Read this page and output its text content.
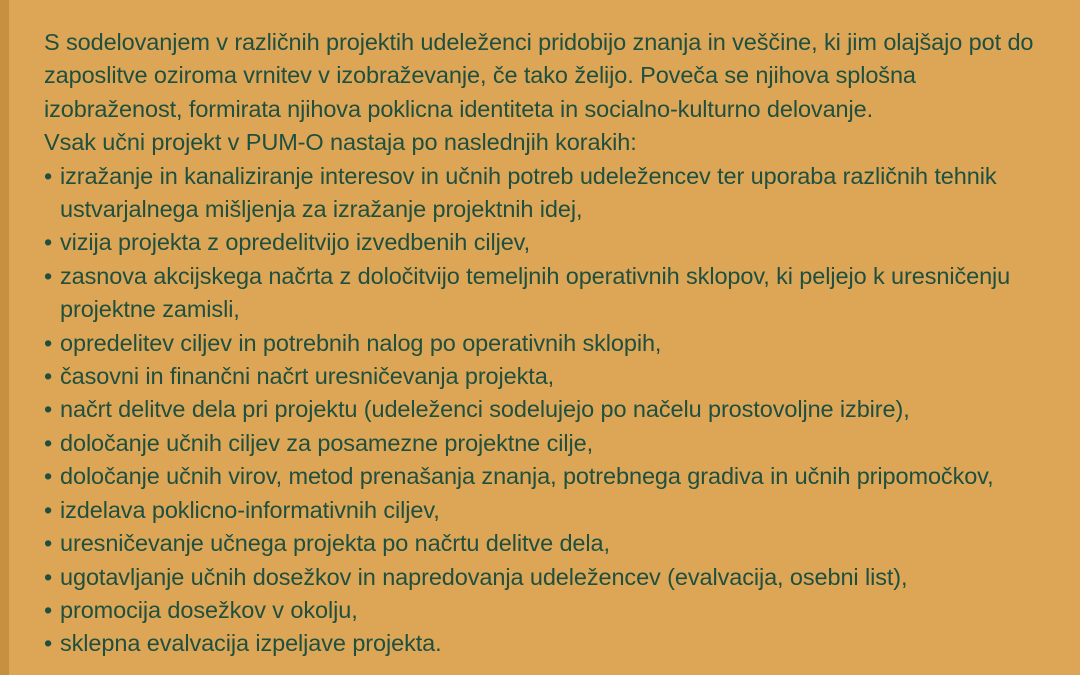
S sodelovanjem v različnih projektih udeleženci pridobijo znanja in veščine, ki jim olajšajo pot do zaposlitve oziroma vrnitev v izobraževanje, če tako želijo. Poveča se njihova splošna izobraženost, formirata njihova poklicna identiteta in socialno-kulturno delovanje.

Vsak učni projekt v PUM-O nastaja po naslednjih korakih:
• izražanje in kanaliziranje interesov in učnih potreb udeležencev ter uporaba različnih tehnik ustvarjalnega mišljenja za izražanje projektnih idej,
• vizija projekta z opredelitvijo izvedbenih ciljev,
• zasnova akcijskega načrta z določitvijo temeljnih operativnih sklopov, ki peljejo k uresničenju projektne zamisli,
• opredelitev ciljev in potrebnih nalog po operativnih sklopih,
• časovni in finančni načrt uresničevanja projekta,
• načrt delitve dela pri projektu (udeleženci sodelujejo po načelu prostovoljne izbire),
• določanje učnih ciljev za posamezne projektne cilje,
• določanje učnih virov, metod prenašanja znanja, potrebnega gradiva in učnih pripomočkov,
• izdelava poklicno-informativnih ciljev,
• uresničevanje učnega projekta po načrtu delitve dela,
• ugotavljanje učnih dosežkov in napredovanja udeležencev (evalvacija, osebni list),
• promocija dosežkov v okolju,
• sklepna evalvacija izpeljave projekta.
